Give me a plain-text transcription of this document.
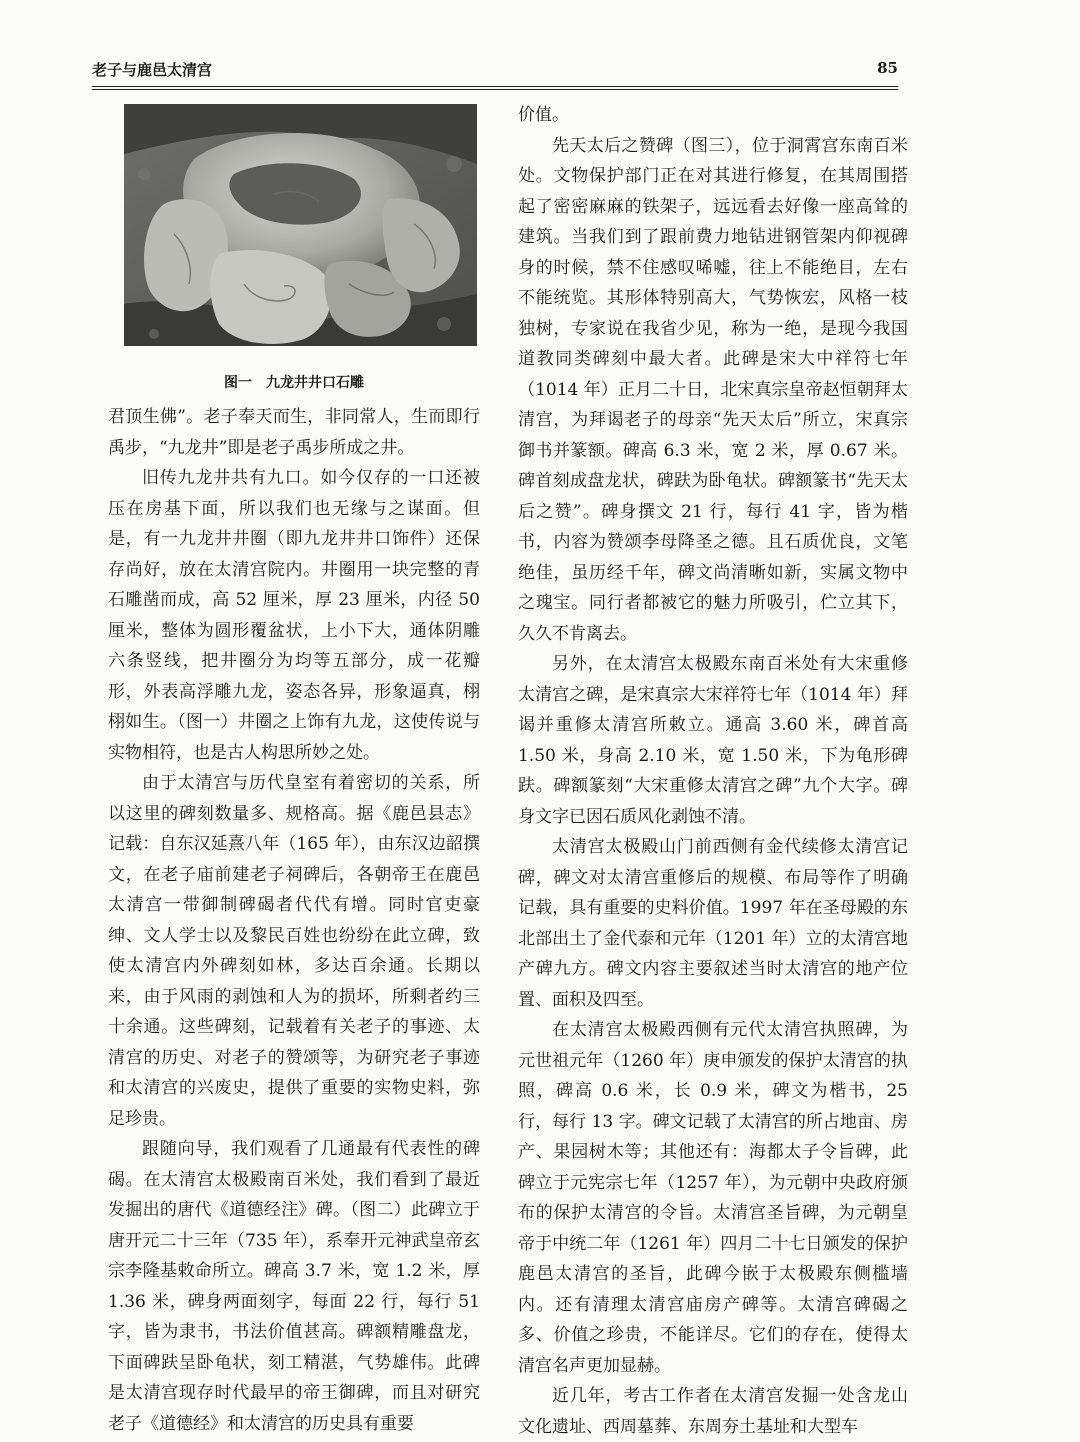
老子与鹿邑太清宫	85
图一　九龙井井口石雕

君顶生佛”。老子奉天而生，非同常人，生而即行禹步，“九龙井”即是老子禹步所成之井。

旧传九龙井共有九口。如今仅存的一口还被压在房基下面，所以我们也无缘与之谋面。但是，有一九龙井井圈（即九龙井井口饰件）还保存尚好，放在太清宫院内。井圈用一块完整的青石雕凿而成，高 52 厘米，厚 23 厘米，内径 50 厘米，整体为圆形覆盆状，上小下大，通体阴雕六条竖线，把井圈分为均等五部分，成一花瓣形，外表高浮雕九龙，姿态各异，形象逼真，栩栩如生。（图一）井圈之上饰有九龙，这使传说与实物相符，也是古人构思所妙之处。

由于太清宫与历代皇室有着密切的关系，所以这里的碑刻数量多、规格高。据《鹿邑县志》记载：自东汉延熹八年（165 年），由东汉边韶撰文，在老子庙前建老子祠碑后，各朝帝王在鹿邑太清宫一带御制碑碣者代代有增。同时官吏豪绅、文人学士以及黎民百姓也纷纷在此立碑，致使太清宫内外碑刻如林，多达百余通。长期以来，由于风雨的剥蚀和人为的损坏，所剩者约三十余通。这些碑刻，记载着有关老子的事迹、太清宫的历史、对老子的赞颂等，为研究老子事迹和太清宫的兴废史，提供了重要的实物史料，弥足珍贵。

跟随向导，我们观看了几通最有代表性的碑碣。在太清宫太极殿南百米处，我们看到了最近发掘出的唐代《道德经注》碑。（图二）此碑立于唐开元二十三年（735 年），系奉开元神武皇帝玄宗李隆基敕命所立。碑高 3.7 米，宽 1.2 米，厚 1.36 米，碑身两面刻字，每面 22 行，每行 51 字，皆为隶书，书法价值甚高。碑额精雕盘龙，下面碑趺呈卧龟状，刻工精湛，气势雄伟。此碑是太清宫现存时代最早的帝王御碑，而且对研究老子《道德经》和太清宫的历史具有重要

价值。

先天太后之赞碑（图三），位于洞霄宫东南百米处。文物保护部门正在对其进行修复，在其周围搭起了密密麻麻的铁架子，远远看去好像一座高耸的建筑。当我们到了跟前费力地钻进钢管架内仰视碑身的时候，禁不住感叹唏嘘，往上不能绝目，左右不能统览。其形体特别高大，气势恢宏，风格一枝独树，专家说在我省少见，称为一绝，是现今我国道教同类碑刻中最大者。此碑是宋大中祥符七年（1014 年）正月二十日，北宋真宗皇帝赵恒朝拜太清宫，为拜谒老子的母亲“先天太后”所立，宋真宗御书并篆额。碑高 6.3 米，宽 2 米，厚 0.67 米。碑首刻成盘龙状，碑趺为卧龟状。碑额篆书“先天太后之赞”。碑身撰文 21 行，每行 41 字，皆为楷书，内容为赞颂李母降圣之德。且石质优良，文笔绝佳，虽历经千年，碑文尚清晰如新，实属文物中之瑰宝。同行者都被它的魅力所吸引，伫立其下，久久不肯离去。

另外，在太清宫太极殿东南百米处有大宋重修太清宫之碑，是宋真宗大宋祥符七年（1014 年）拜谒并重修太清宫所敕立。通高 3.60 米，碑首高 1.50 米，身高 2.10 米，宽 1.50 米，下为龟形碑趺。碑额篆刻“大宋重修太清宫之碑”九个大字。碑身文字已因石质风化剥蚀不清。

太清宫太极殿山门前西侧有金代续修太清宫记碑，碑文对太清宫重修后的规模、布局等作了明确记载，具有重要的史料价值。1997 年在圣母殿的东北部出土了金代泰和元年（1201 年）立的太清宫地产碑九方。碑文内容主要叙述当时太清宫的地产位置、面积及四至。

在太清宫太极殿西侧有元代太清宫执照碑，为元世祖元年（1260 年）庚申颁发的保护太清宫的执照，碑高 0.6 米，长 0.9 米，碑文为楷书，25 行，每行 13 字。碑文记载了太清宫的所占地亩、房产、果园树木等；其他还有：海都太子令旨碑，此碑立于元宪宗七年（1257 年），为元朝中央政府颁布的保护太清宫的令旨。太清宫圣旨碑，为元朝皇帝于中统二年（1261 年）四月二十七日颁发的保护鹿邑太清宫的圣旨，此碑今嵌于太极殿东侧槛墙内。还有清理太清宫庙房产碑等。太清宫碑碣之多、价值之珍贵，不能详尽。它们的存在，使得太清宫名声更加显赫。

近几年，考古工作者在太清宫发掘一处含龙山文化遗址、西周墓葬、东周夯土基址和大型车
